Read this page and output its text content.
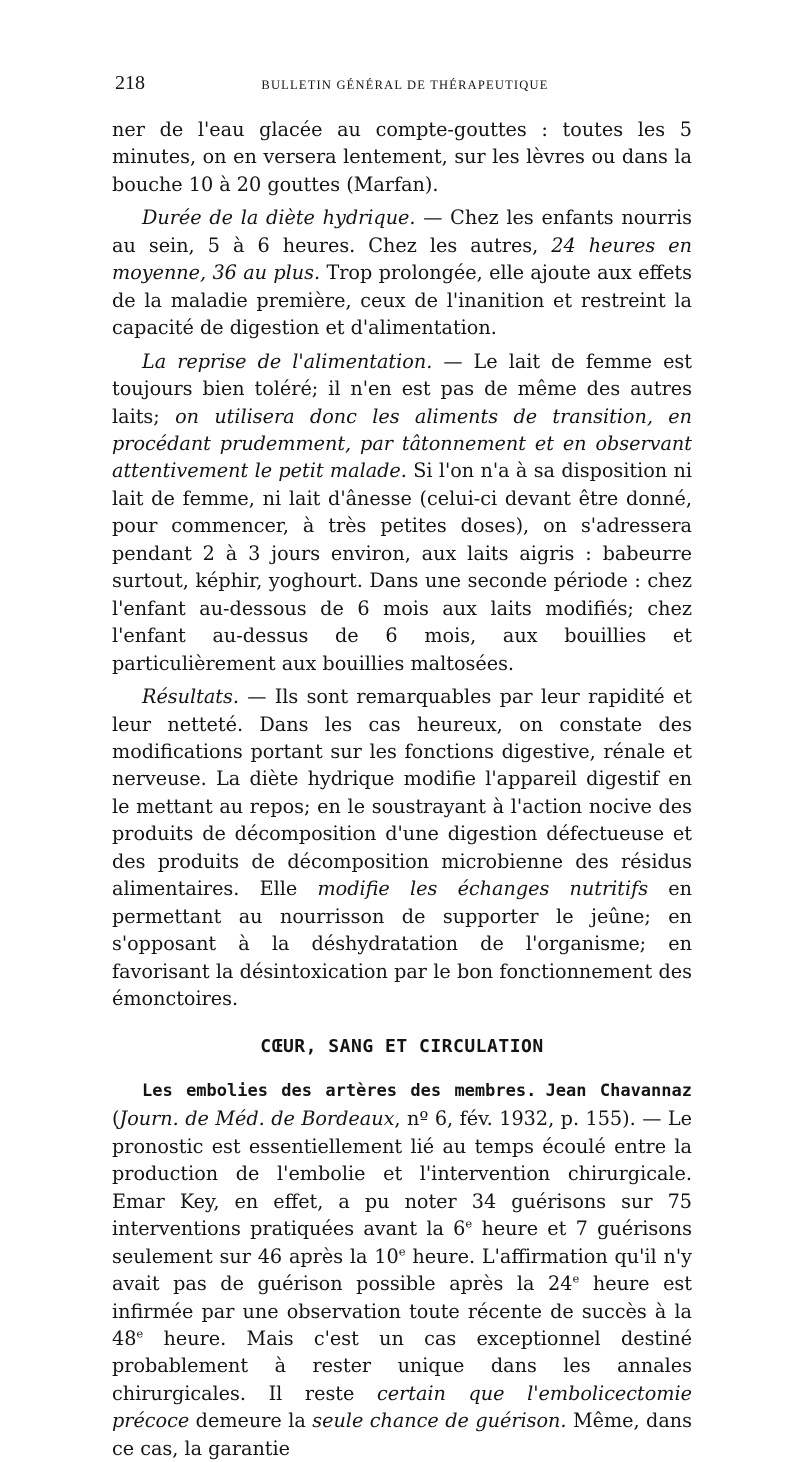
218	BULLETIN GÉNÉRAL DE THÉRAPEUTIQUE

ner de l'eau glacée au compte-gouttes : toutes les 5 minutes, on en versera lentement, sur les lèvres ou dans la bouche 10 à 20 gouttes (Marfan).

Durée de la diète hydrique. — Chez les enfants nourris au sein, 5 à 6 heures. Chez les autres, 24 heures en moyenne, 36 au plus. Trop prolongée, elle ajoute aux effets de la maladie première, ceux de l'inanition et restreint la capacité de digestion et d'alimentation.

La reprise de l'alimentation. — Le lait de femme est toujours bien toléré; il n'en est pas de même des autres laits; on utilisera donc les aliments de transition, en procédant prudemment, par tâtonnement et en observant attentivement le petit malade. Si l'on n'a à sa disposition ni lait de femme, ni lait d'ânesse (celui-ci devant être donné, pour commencer, à très petites doses), on s'adressera pendant 2 à 3 jours environ, aux laits aigris : babeurre surtout, képhir, yoghourt. Dans une seconde période : chez l'enfant au-dessous de 6 mois aux laits modifiés; chez l'enfant au-dessus de 6 mois, aux bouillies et particulièrement aux bouillies maltosées.

Résultats. — Ils sont remarquables par leur rapidité et leur netteté. Dans les cas heureux, on constate des modifications portant sur les fonctions digestive, rénale et nerveuse. La diète hydrique modifie l'appareil digestif en le mettant au repos; en le soustrayant à l'action nocive des produits de décomposition d'une digestion défectueuse et des produits de décomposition microbienne des résidus alimentaires. Elle modifie les échanges nutritifs en permettant au nourrisson de supporter le jeûne; en s'opposant à la déshydratation de l'organisme; en favorisant la désintoxication par le bon fonctionnement des émonctoires.

CŒUR, SANG ET CIRCULATION

Les embolies des artères des membres. Jean Chavannaz (Journ. de Méd. de Bordeaux, nº 6, fév. 1932, p. 155). — Le pronostic est essentiellement lié au temps écoulé entre la production de l'embolie et l'intervention chirurgicale. Emar Key, en effet, a pu noter 34 guérisons sur 75 interventions pratiquées avant la 6e heure et 7 guérisons seulement sur 46 après la 10e heure. L'affirmation qu'il n'y avait pas de guérison possible après la 24e heure est infirmée par une observation toute récente de succès à la 48e heure. Mais c'est un cas exceptionnel destiné probablement à rester unique dans les annales chirurgicales. Il reste certain que l'embolicectomie précoce demeure la seule chance de guérison. Même, dans ce cas, la garantie
